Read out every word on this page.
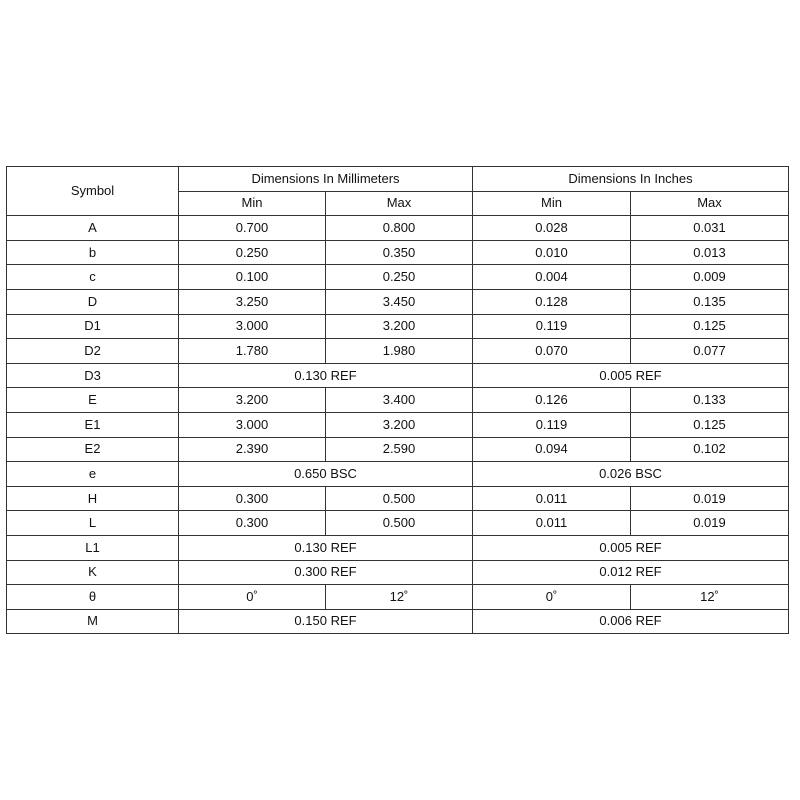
Symbol	Dimensions In Millimeters		Dimensions In Inches	
	Min	Max	Min	Max
A	0.700	0.800	0.028	0.031
b	0.250	0.350	0.010	0.013
c	0.100	0.250	0.004	0.009
D	3.250	3.450	0.128	0.135
D1	3.000	3.200	0.119	0.125
D2	1.780	1.980	0.070	0.077
D3	0.130 REF		0.005 REF	
E	3.200	3.400	0.126	0.133
E1	3.000	3.200	0.119	0.125
E2	2.390	2.590	0.094	0.102
e	0.650 BSC		0.026 BSC	
H	0.300	0.500	0.011	0.019
L	0.300	0.500	0.011	0.019
L1	0.130 REF		0.005 REF	
K	0.300 REF		0.012 REF	
θ	0˚	12˚	0˚	12˚
M	0.150 REF		0.006 REF	
